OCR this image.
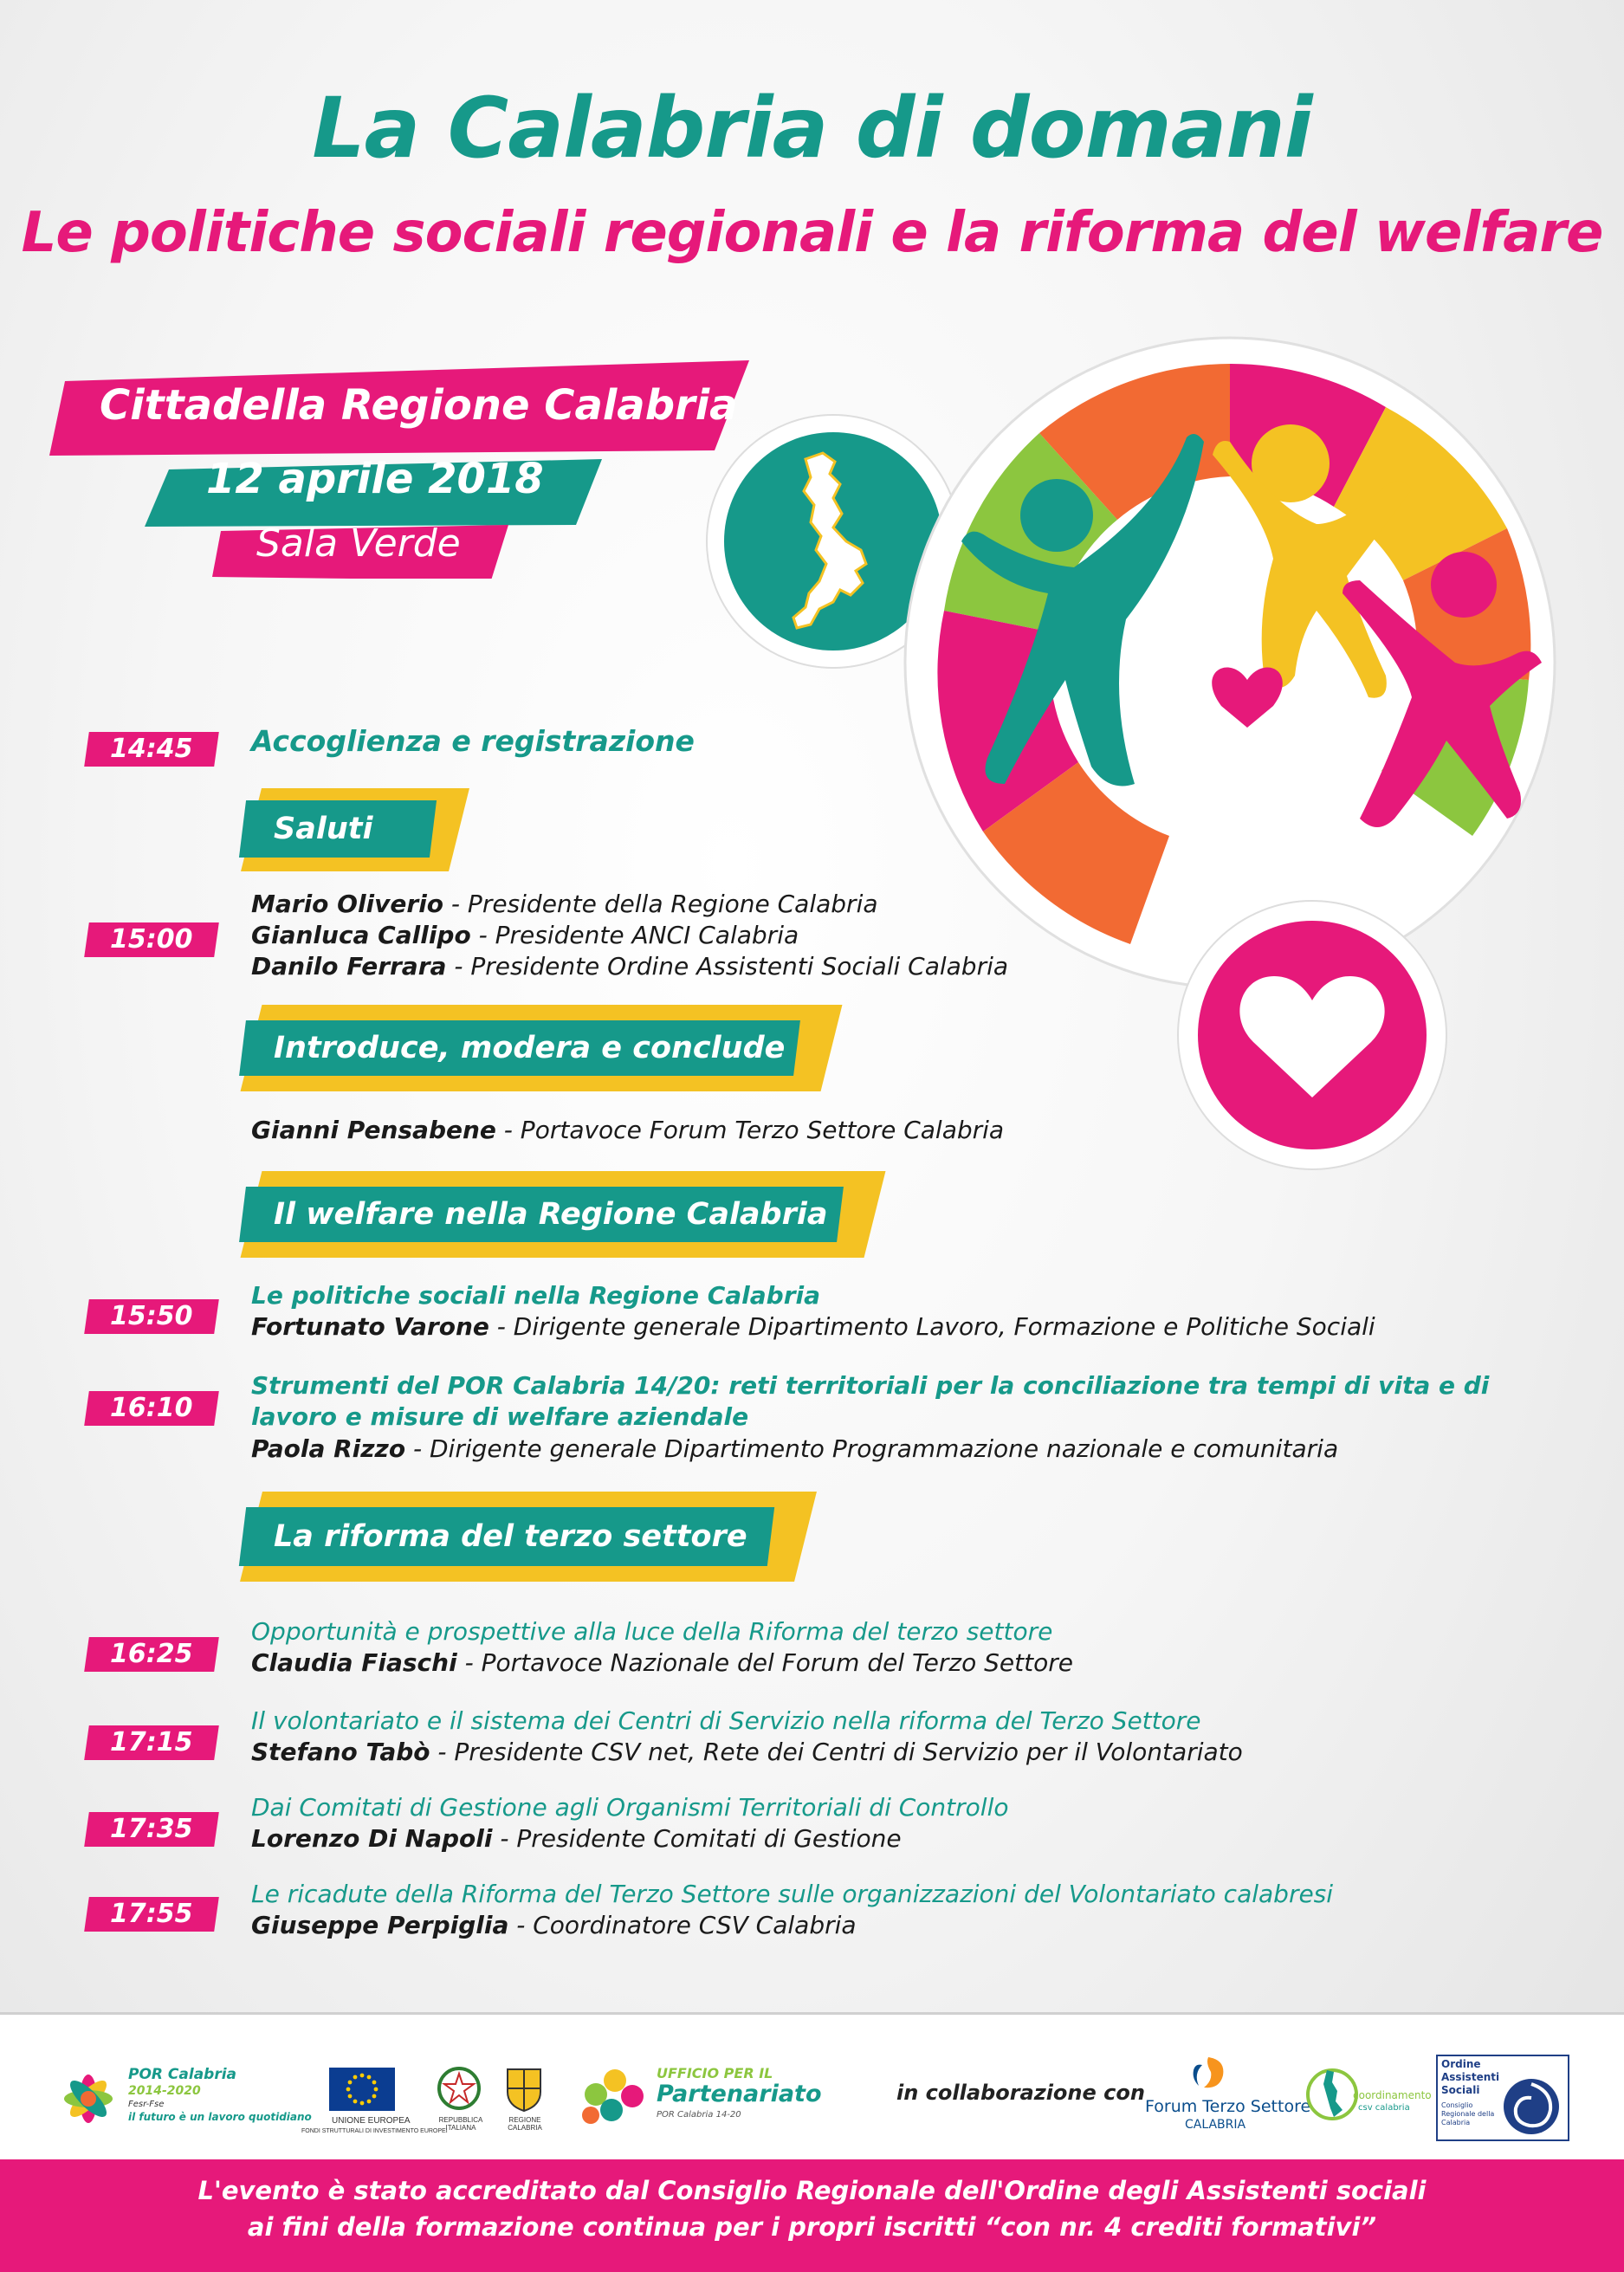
La Calabria di domani
Le politiche sociali regionali e la riforma del welfare
Cittadella Regione Calabria
12 aprile 2018
Sala Verde
14:45	Accoglienza e registrazione
Saluti
15:00
Mario Oliverio - Presidente della Regione Calabria
Gianluca Callipo - Presidente ANCI Calabria
Danilo Ferrara - Presidente Ordine Assistenti Sociali Calabria
Introduce, modera e conclude
Gianni Pensabene - Portavoce Forum Terzo Settore Calabria
Il welfare nella Regione Calabria
15:50
Le politiche sociali nella Regione Calabria
Fortunato Varone - Dirigente generale Dipartimento Lavoro, Formazione e Politiche Sociali
16:10
Strumenti del POR Calabria 14/20: reti territoriali per la conciliazione tra tempi di vita e di
lavoro e misure di welfare aziendale
Paola Rizzo - Dirigente generale Dipartimento Programmazione nazionale e comunitaria
La riforma del terzo settore
16:25
Opportunità e prospettive alla luce della Riforma del terzo settore
Claudia Fiaschi - Portavoce Nazionale del Forum del Terzo Settore
17:15
Il volontariato e il sistema dei Centri di Servizio nella riforma del Terzo Settore
Stefano Tabò - Presidente CSV net, Rete dei Centri di Servizio per il Volontariato
17:35
Dai Comitati di Gestione agli Organismi Territoriali di Controllo
Lorenzo Di Napoli - Presidente Comitati di Gestione
17:55
Le ricadute della Riforma del Terzo Settore sulle organizzazioni del Volontariato calabresi
Giuseppe Perpiglia - Coordinatore CSV Calabria
POR Calabria
2014-2020
Fesr-Fse
il futuro è un lavoro quotidiano UNIONE EUROPEA
FONDI STRUTTURALI DI INVESTIMENTO EUROPEI
REPUBBLICA ITALIANA
REGIONE CALABRIA
UFFICIO PER IL
Partenariato
POR Calabria 14-20
in collaborazione con
Forum Terzo Settore
CALABRIA
coordinamento
csv calabria
Ordine
Assistenti
Sociali
Consiglio Regionale della Calabria
L'evento è stato accreditato dal Consiglio Regionale dell'Ordine degli Assistenti sociali
ai fini della formazione continua per i propri iscritti “con nr. 4 crediti formativi”
